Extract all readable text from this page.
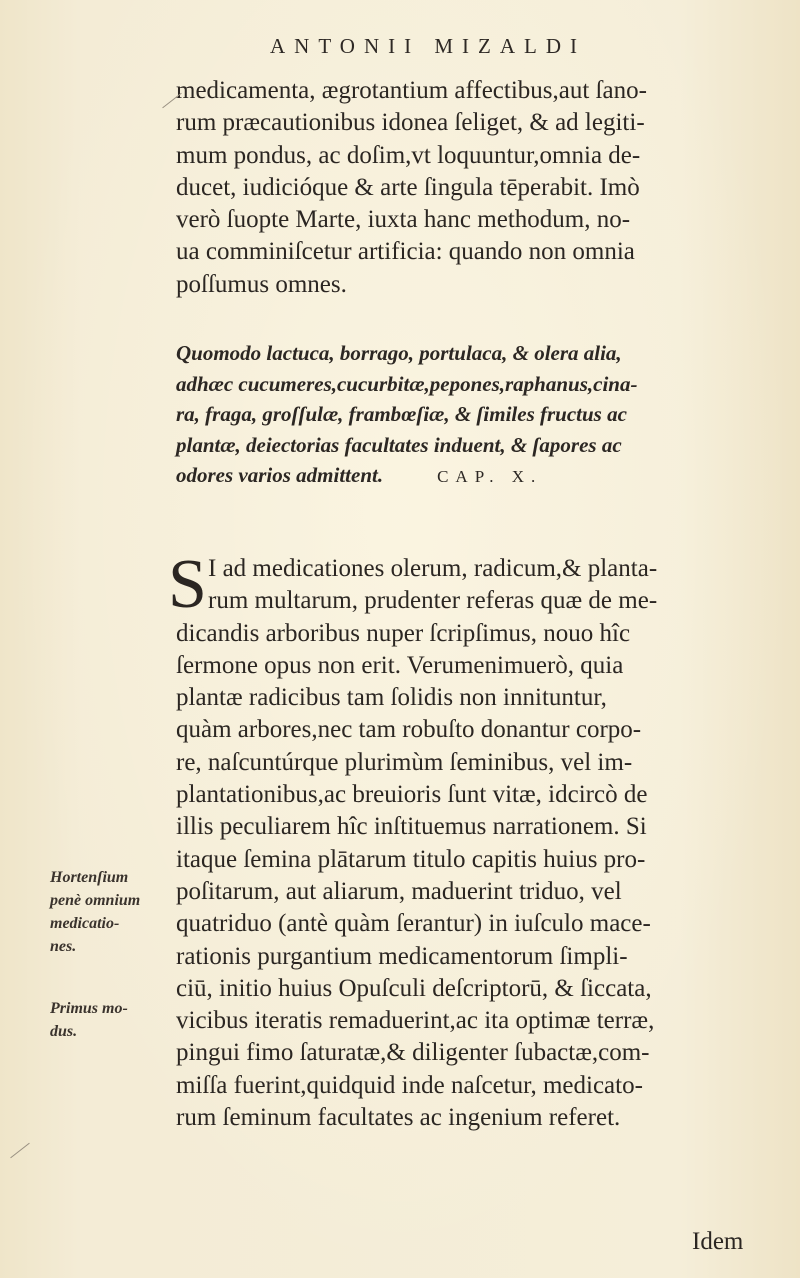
ANTONII MIZALDI
medicamenta, ægrotantium affectibus,aut ſano-
rum præcautionibus idonea ſeliget, & ad legiti-
mum pondus, ac doſim,vt loquuntur,omnia de-
ducet, iudicióque & arte ſingula tēperabit. Imò
verò ſuopte Marte, iuxta hanc methodum, no-
ua comminiſcetur artificia: quando non omnia
poſſumus omnes.
Quomodo lactuca, borrago, portulaca, & olera alia,
adhæc cucumeres,cucurbitæ,pepones,raphanus,cina-
ra, fraga, groſſulæ, frambœſiæ, & ſimiles fructus ac
plantæ, deiectorias facultates induent, & ſapores ac
odores varios admittent.	CAP. X.
S I ad medicationes olerum, radicum,& planta-
rum multarum, prudenter referas quæ de me-
dicandis arboribus nuper ſcripſimus, nouo hîc
ſermone opus non erit. Verumenimuerò, quia
plantæ radicibus tam ſolidis non innituntur,
quàm arbores,nec tam robuſto donantur corpo-
re, naſcuntúrque plurimùm ſeminibus, vel im-
plantationibus,ac breuioris ſunt vitæ, idcircò de
illis peculiarem hîc inſtituemus narrationem. Si
itaque ſemina plātarum titulo capitis huius pro-
poſitarum, aut aliarum, maduerint triduo, vel
quatriduo (antè quàm ſerantur) in iuſculo mace-
rationis purgantium medicamentorum ſimpli-
ciū, initio huius Opuſculi deſcriptorū, & ſiccata,
vicibus iteratis remaduerint,ac ita optimæ terræ,
pingui fimo ſaturatæ,& diligenter ſubactæ,com-
miſſa fuerint,quidquid inde naſcetur, medicato-
rum ſeminum facultates ac ingenium referet.
Hortenſium
penè omnium
medicatio-
nes.
Primus mo-
dus.
Idem
